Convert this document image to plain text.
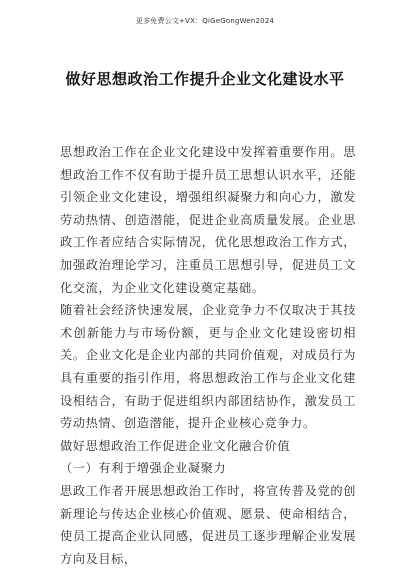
更多免费公文+VX：QiGeGongWen2024
做好思想政治工作提升企业文化建设水平

思想政治工作在企业文化建设中发挥着重要作用。思想政治工作不仅有助于提升员工思想认识水平，还能引领企业文化建设，增强组织凝聚力和向心力，激发劳动热情、创造潜能，促进企业高质量发展。企业思政工作者应结合实际情况，优化思想政治工作方式，加强政治理论学习，注重员工思想引导，促进员工文化交流，为企业文化建设奠定基础。

随着社会经济快速发展，企业竞争力不仅取决于其技术创新能力与市场份额，更与企业文化建设密切相关。企业文化是企业内部的共同价值观，对成员行为具有重要的指引作用，将思想政治工作与企业文化建设相结合，有助于促进组织内部团结协作，激发员工劳动热情、创造潜能，提升企业核心竞争力。

做好思想政治工作促进企业文化融合价值

（一）有利于增强企业凝聚力

思政工作者开展思想政治工作时，将宣传普及党的创新理论与传达企业核心价值观、愿景、使命相结合，使员工提高企业认同感，促进员工逐步理解企业发展方向及目标，
